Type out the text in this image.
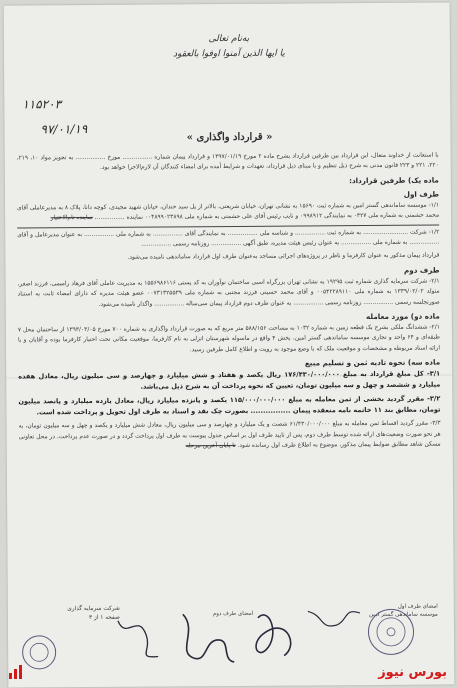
به‌نام تعالی
یا ایها الذین آمنوا اوفوا بالعقود
۱۱۵۲۰۳
۹۷/۰۱/۱۹
« قرارداد واگذاری »
با استعانت از خداوند متعال، این قرارداد بین طرفین قرارداد بشرح ماده ۲ مورخ ۱۳۹۷/۰۱/۱۹ و قرارداد پیمان شماره ................ مورخ ................ به تجویز مواد ۱۰، ۲۱۹، ۲۲۰، ۲۲۱ و ۲۲۳ قانون مدنی به شرح ذیل تنظیم و با مبنای ذیل قرارداد، تعهدات و شرایط آمده برای امضاء کنندگان آن لازم‌الاجرا خواهد بود.
ماده یک) طرفین قرارداد:
طرف اول
۱/۱- موسسه ساماندهی گستر امین به شماره ثبت ۱۵۶۹۰ به نشانی تهران، خیابان شریعتی، بالاتر از پل سید خندان، خیابان شهید مجیدی، کوچه دانا، پلاک ۸ به مدیرعاملی آقای محمد حشمتی به شماره ملی ۰۳۲۷ به نمایندگی ۰۹۹۸۹۱۲ و نایب رئیس آقای علی حشمتی به شماره ملی ۰۰۴۸۹۹۰۲۳۸۹۸ نماینده ................ نماینده تام‌الاختیار
۱/۲- شرکت ........................ به شماره ثبت ................ و شناسه ملی ................ به نمایندگی آقای ................ به شماره ملی ................ به عنوان مدیرعامل و آقای ................ به شماره ملی ................ به عنوان رئیس هیئت مدیره، طبق آگهی ................ روزنامه رسمی ................
قرارداد پیمان مذکور به عنوان کارفرما و ناظر در پروژه‌های اجرائی مساجد به‌عنوان طرف اول قرارداد ساماندهی نامیده می‌شود.
طرف دوم
۲/۱- شرکت سرمایه گذاری شماره ثبت ۱۹۲۹۵ به نشانی تهران بزرگراه اسبی ساختمان نوآوران به کد پستی ۱۵۵۶۹۸۶۱۱۶ به مدیریت عاملی آقای فرهاد رامیمی، فرزند اصغر، متولد ۱۳۳۹/۰۲/۰۲ به شماره ملی ۰۰۵۴۲۲۸۹۱۱۰ و آقای محمد حسینی فرزند مجتبی به شماره ملی ۰۰۷۳۱۳۲۵۵۳۹ عضو هیئت مدیره که دارای امضاء ثابت به استناد صورتجلسه رسمی ................ روزنامه رسمی ................ به عنوان طرف دوم قرارداد پیمان سی‌ساله ................ واگذار نامیده می‌شود.
ماده دو) مورد معامله
۲/۱- ششدانگ ملکی بشرح بک قطعه زمین به شماره ۱۰۳۲ به مساحت ۵۸۸/۱۵۶ متر مربع که به صورت قرارداد واگذاری به شماره ۷۰۰ مورخ ۱۳۹۳/۰۳/۰۵ از ساختمان محل ۷ طبقه‌ای و ۶۴ واحد و تجاری موسسه ساماندهی گستر امین، بخش ۴ واقع در ماسوله شهرستان انزلی به نام کارفرما، موقعیت مکانی تحت اختیار کارفرما بوده و آقایان و با ارائه اسناد مربوطه و مشخصات و موقعیت ملک که با وضع موجود به رویت و اطلاع کامل طرفین رسید.
ماده سه) نحوه تادیه ثمن و تسلیم مبیع
۳/۱- کل مبلغ قرارداد به مبلغ ۱۷۶/۴۳۰/۰۰۰/۰۰۰ ریال یکصد و هفتاد و شش میلیارد و چهارصد و سی میلیون ریال، معادل هفده میلیارد و ششصد و چهل و سه میلیون تومان، تعیین که نحوه پرداخت آن به شرح ذیل می‌باشد.
۳/۲- مقرر گردید بخشی از ثمن معامله به مبلغ ۱۱۵/۰۰۰/۰۰۰/۰۰۰ یکصد و پانزده میلیارد ریال، معادل یازده میلیارد و پانصد میلیون تومان، مطابق بند ۱۱ خاتمه نامه منعقده پیمان ................ بصورت چک نقد و اسناد به طرف اول تحویل و پرداخت شده است.
۳/۳- مقرر گردید اقساط ثمن معامله به مبلغ ۶۱/۴۳۰/۰۰۰/۰۰۰ شصت و یک میلیارد و چهارصد و سی میلیون ریال، معادل شش میلیارد و یکصد و چهل و سه میلیون تومان، به هر نحو صورت وضعیت‌های ارائه شده توسط طرف دوم، پس از تایید طرف اول بر اساس جدول پیوست به طرف اول پرداخت گردد و در صورت عدم پرداخت، در محل تعاونی مسکن شاهد مطابق ضوابط پیمان مذکور، موضوع به اطلاع طرف اول رسانده شود. تا پایان آخرین مرحله
امضای طرف اول
موسسه ساماندهی گستر امین
امضای طرف دوم
شرکت سرمایه گذاری
صفحه ۱ از ۳
بورس نیوز
